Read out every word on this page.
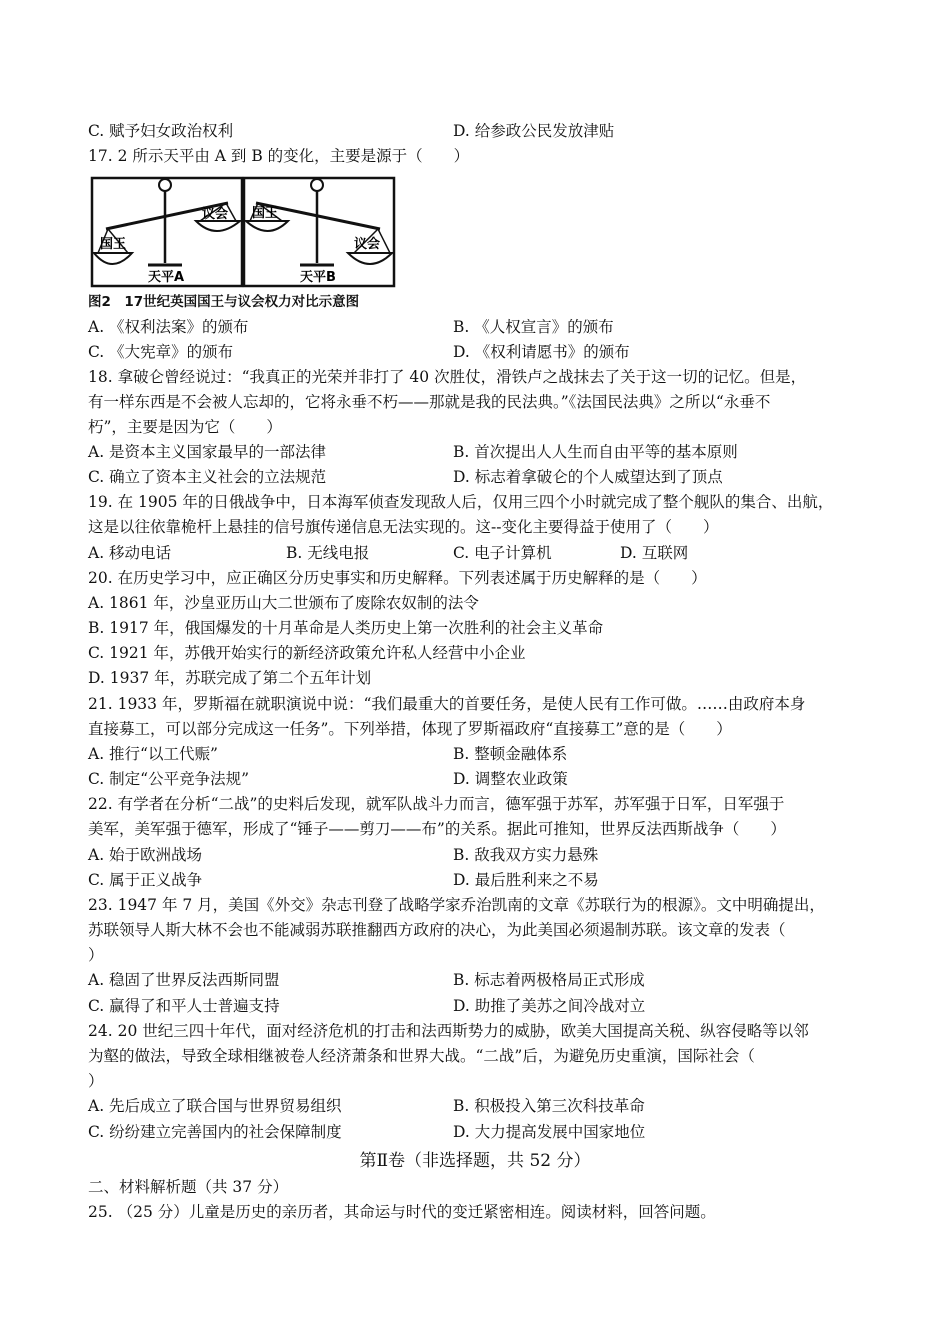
C. 赋予妇女政治权利	D. 给参政公民发放津贴
17. 2 所示天平由 A 到 B 的变化，主要是源于（　　）
国王
议会
天平A
国王
议会
天平B
图2　17世纪英国国王与议会权力对比示意图
A. 《权利法案》的颁布	B. 《人权宣言》的颁布
C. 《大宪章》的颁布	D. 《权利请愿书》的颁布
18. 拿破仑曾经说过：“我真正的光荣并非打了 40 次胜仗，滑铁卢之战抹去了关于这一切的记忆。但是，
有一样东西是不会被人忘却的，它将永垂不朽——那就是我的民法典。”《法国民法典》之所以“永垂不
朽”，主要是因为它（　　）
A. 是资本主义国家最早的一部法律	B. 首次提出人人生而自由平等的基本原则
C. 确立了资本主义社会的立法规范	D. 标志着拿破仑的个人威望达到了顶点
19. 在 1905 年的日俄战争中，日本海军侦查发现敌人后，仅用三四个小时就完成了整个舰队的集合、出航，
这是以往依靠桅杆上悬挂的信号旗传递信息无法实现的。这--变化主要得益于使用了（　　）
A. 移动电话	B. 无线电报	C. 电子计算机	D. 互联网
20. 在历史学习中，应正确区分历史事实和历史解释。下列表述属于历史解释的是（　　）
A. 1861 年，沙皇亚历山大二世颁布了废除农奴制的法令
B. 1917 年，俄国爆发的十月革命是人类历史上第一次胜利的社会主义革命
C. 1921 年，苏俄开始实行的新经济政策允许私人经营中小企业
D. 1937 年，苏联完成了第二个五年计划
21. 1933 年，罗斯福在就职演说中说：“我们最重大的首要任务，是使人民有工作可做。……由政府本身
直接募工，可以部分完成这一任务”。下列举措，体现了罗斯福政府“直接募工”意的是（　　）
A. 推行“以工代赈”	B. 整顿金融体系
C. 制定“公平竞争法规”	D. 调整农业政策
22. 有学者在分析“二战”的史料后发现，就军队战斗力而言，德军强于苏军，苏军强于日军，日军强于
美军，美军强于德军，形成了“锤子——剪刀——布”的关系。据此可推知，世界反法西斯战争（　　）
A. 始于欧洲战场	B. 敌我双方实力悬殊
C. 属于正义战争	D. 最后胜利来之不易
23. 1947 年 7 月，美国《外交》杂志刊登了战略学家乔治凯南的文章《苏联行为的根源》。文中明确提出，
苏联领导人斯大林不会也不能减弱苏联推翻西方政府的决心，为此美国必须遏制苏联。该文章的发表（
）
A. 稳固了世界反法西斯同盟	B. 标志着两极格局正式形成
C. 赢得了和平人士普遍支持	D. 助推了美苏之间冷战对立
24. 20 世纪三四十年代，面对经济危机的打击和法西斯势力的威胁，欧美大国提高关税、纵容侵略等以邻
为壑的做法，导致全球相继被卷人经济萧条和世界大战。“二战”后，为避免历史重演，国际社会（
）
A. 先后成立了联合国与世界贸易组织	B. 积极投入第三次科技革命
C. 纷纷建立完善国内的社会保障制度	D. 大力提高发展中国家地位
第Ⅱ卷（非选择题，共 52 分）
二、材料解析题（共 37 分）
25. （25 分）儿童是历史的亲历者，其命运与时代的变迁紧密相连。阅读材料，回答问题。
